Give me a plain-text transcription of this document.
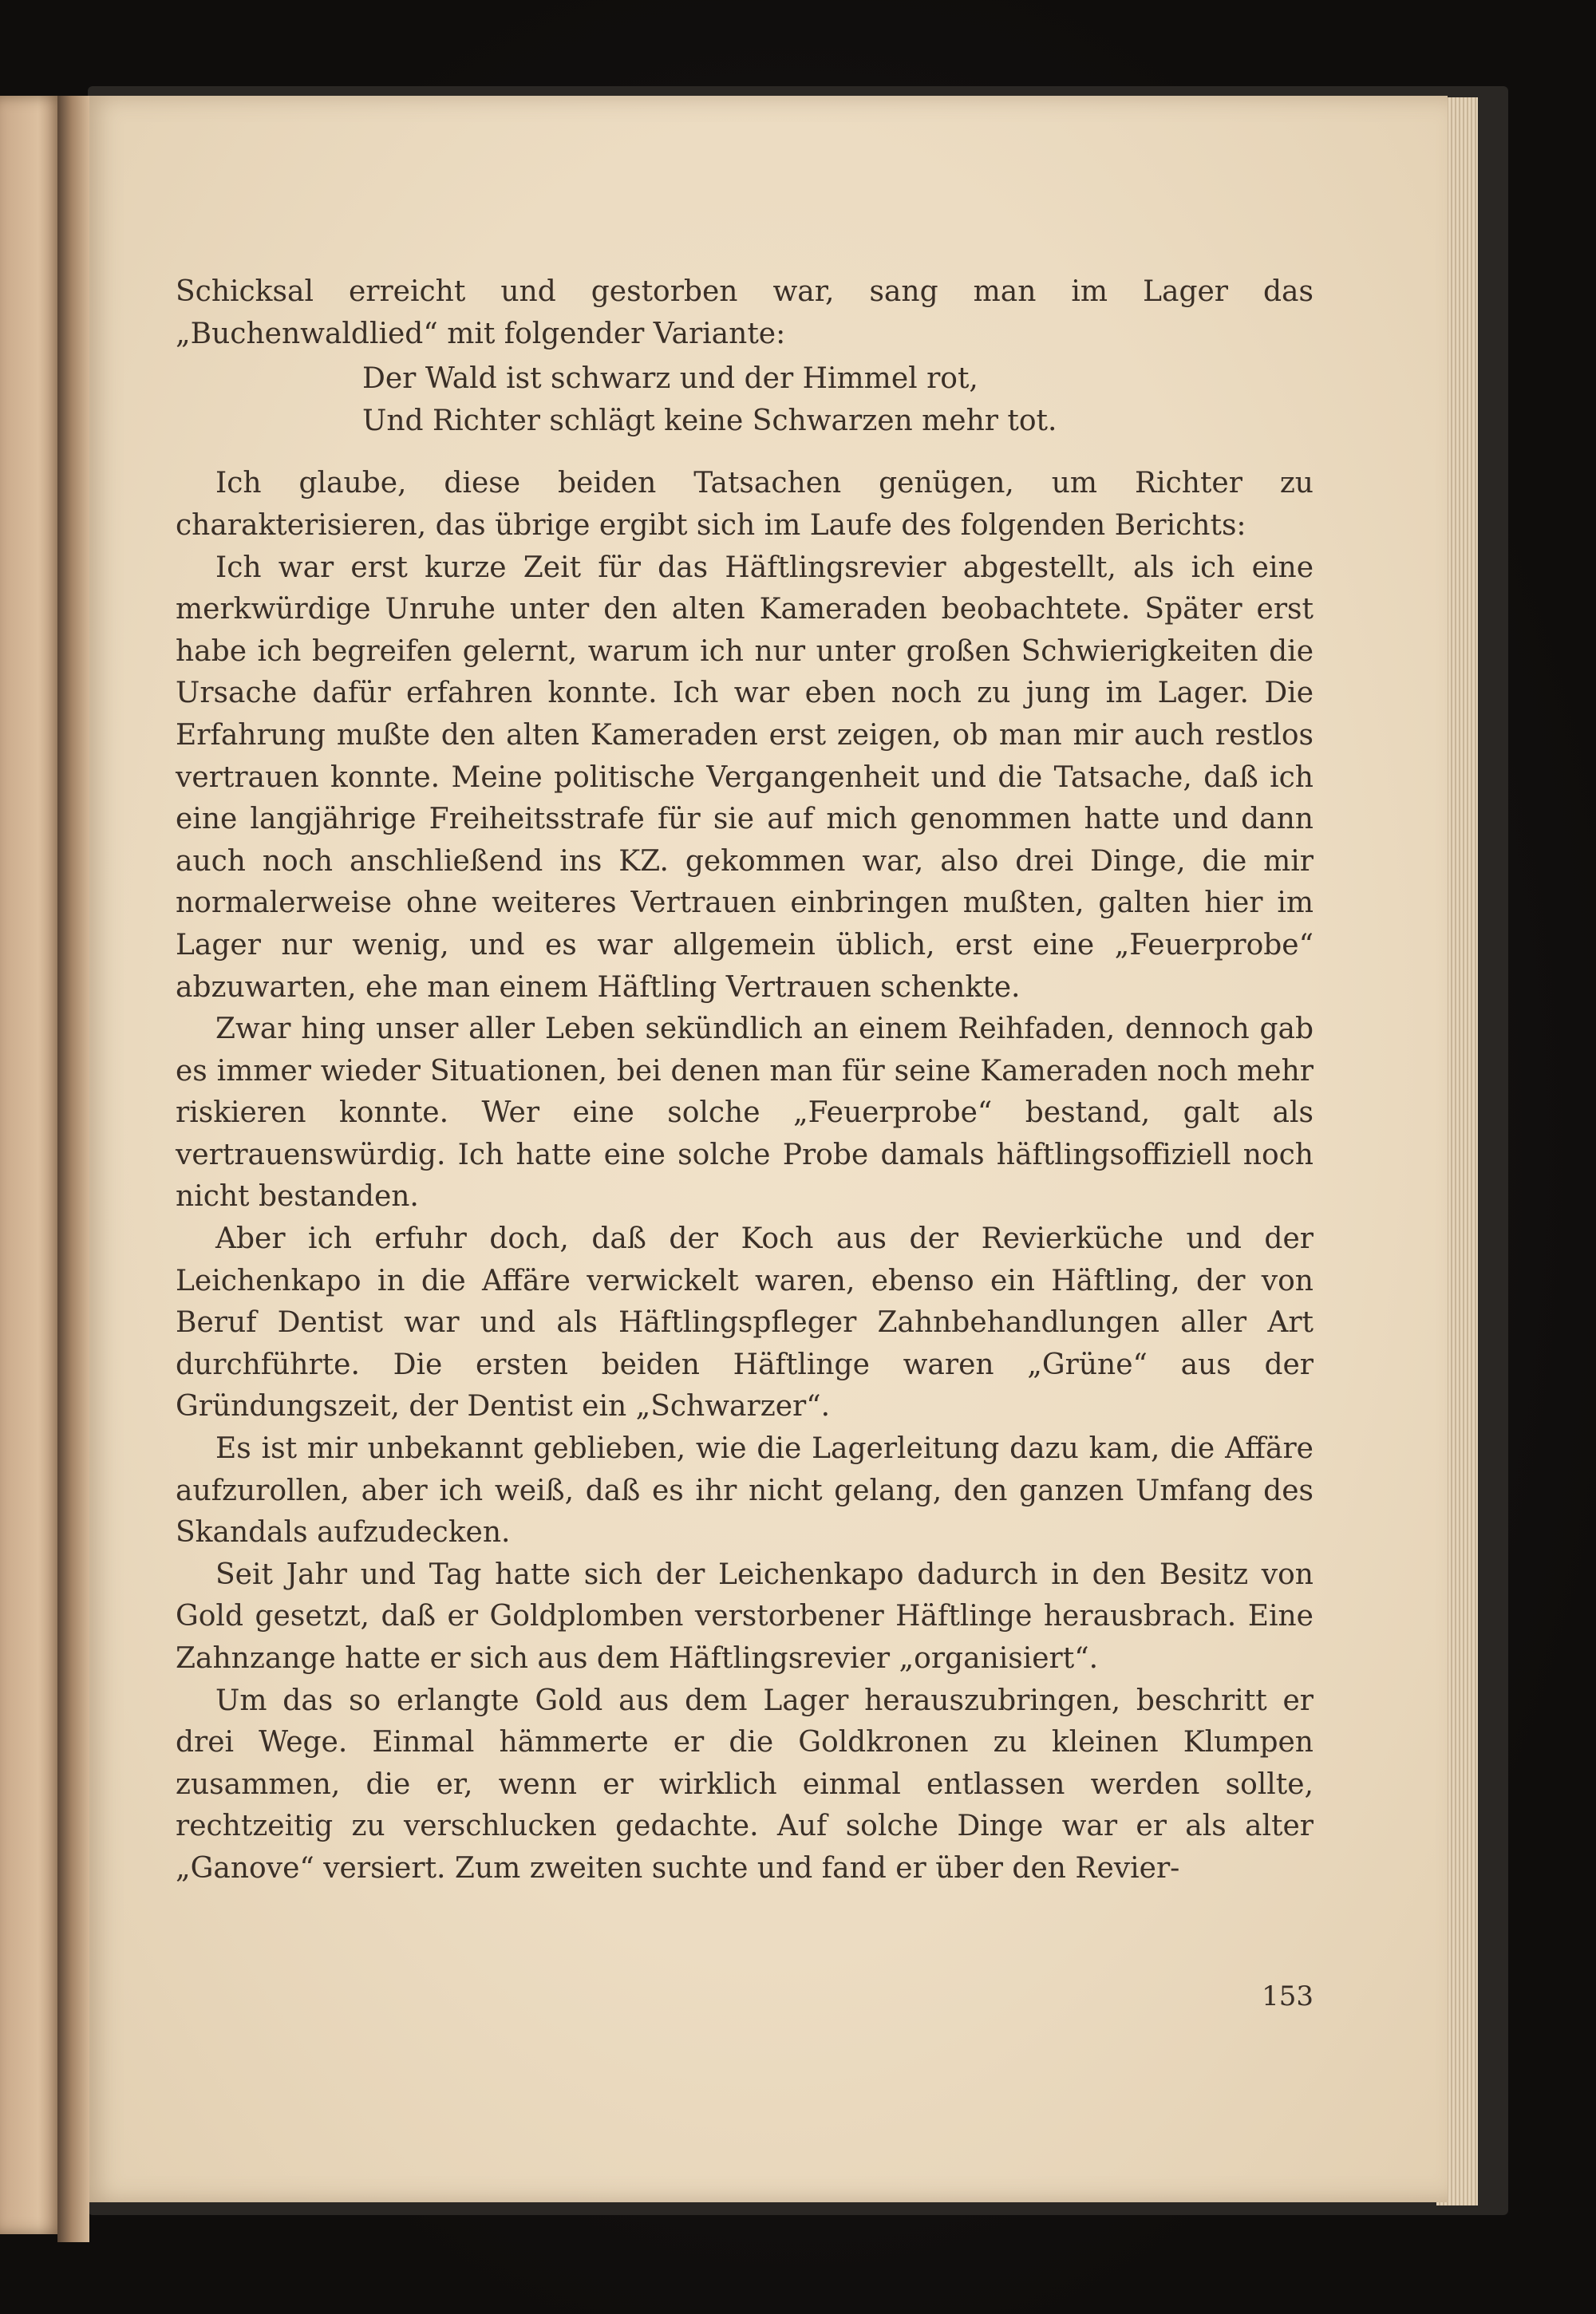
Schicksal erreicht und gestorben war, sang man im Lager das „Buchenwaldlied“ mit folgender Variante:

Der Wald ist schwarz und der Himmel rot,
Und Richter schlägt keine Schwarzen mehr tot.

Ich glaube, diese beiden Tatsachen genügen, um Richter zu charakterisieren, das übrige ergibt sich im Laufe des folgenden Berichts:

Ich war erst kurze Zeit für das Häftlingsrevier abgestellt, als ich eine merkwürdige Unruhe unter den alten Kameraden beobachtete. Später erst habe ich begreifen gelernt, warum ich nur unter großen Schwierigkeiten die Ursache dafür erfahren konnte. Ich war eben noch zu jung im Lager. Die Erfahrung mußte den alten Kameraden erst zeigen, ob man mir auch restlos vertrauen konnte. Meine politische Vergangenheit und die Tatsache, daß ich eine langjährige Freiheitsstrafe für sie auf mich genommen hatte und dann auch noch anschließend ins KZ. gekommen war, also drei Dinge, die mir normalerweise ohne weiteres Vertrauen einbringen mußten, galten hier im Lager nur wenig, und es war allgemein üblich, erst eine „Feuerprobe“ abzuwarten, ehe man einem Häftling Vertrauen schenkte.

Zwar hing unser aller Leben sekündlich an einem Reihfaden, dennoch gab es immer wieder Situationen, bei denen man für seine Kameraden noch mehr riskieren konnte. Wer eine solche „Feuerprobe“ bestand, galt als vertrauenswürdig. Ich hatte eine solche Probe damals häftlingsoffiziell noch nicht bestanden.

Aber ich erfuhr doch, daß der Koch aus der Revierküche und der Leichenkapo in die Affäre verwickelt waren, ebenso ein Häftling, der von Beruf Dentist war und als Häftlingspfleger Zahnbehandlungen aller Art durchführte. Die ersten beiden Häftlinge waren „Grüne“ aus der Gründungszeit, der Dentist ein „Schwarzer“.

Es ist mir unbekannt geblieben, wie die Lagerleitung dazu kam, die Affäre aufzurollen, aber ich weiß, daß es ihr nicht gelang, den ganzen Umfang des Skandals aufzudecken.

Seit Jahr und Tag hatte sich der Leichenkapo dadurch in den Besitz von Gold gesetzt, daß er Goldplomben verstorbener Häftlinge herausbrach. Eine Zahnzange hatte er sich aus dem Häftlingsrevier „organisiert“.

Um das so erlangte Gold aus dem Lager herauszubringen, beschritt er drei Wege. Einmal hämmerte er die Goldkronen zu kleinen Klumpen zusammen, die er, wenn er wirklich einmal entlassen werden sollte, rechtzeitig zu verschlucken gedachte. Auf solche Dinge war er als alter „Ganove“ versiert. Zum zweiten suchte und fand er über den Revier-

153
